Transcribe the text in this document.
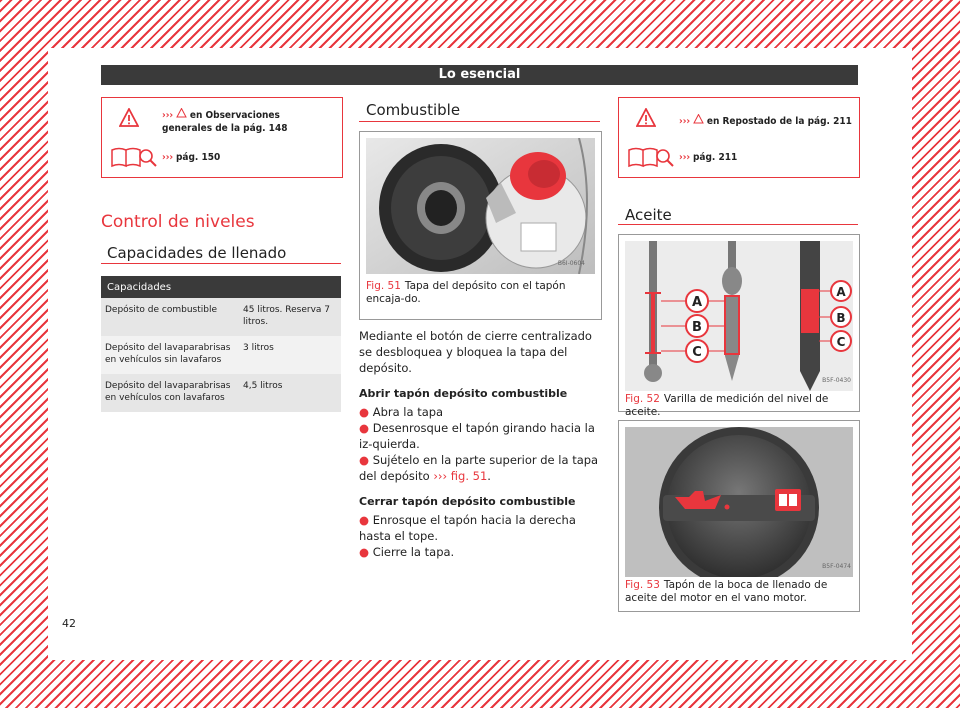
Lo esencial
››› en Observaciones generales de la pág. 148
››› pág. 150
Control de niveles
Capacidades de llenado
Capacidades	
Depósito de combustible	45 litros. Reserva 7 litros.
Depósito del lavaparabrisas en vehículos sin lavafaros	3 litros
Depósito del lavaparabrisas en vehículos con lavafaros	4,5 litros
Combustible
B6I-0604
Fig. 51 Tapa del depósito con el tapón encaja-do.

Mediante el botón de cierre centralizado se desbloquea y bloquea la tapa del depósito.

Abrir tapón depósito combustible

● Abra la tapa

● Desenrosque el tapón girando hacia la iz-quierda.

● Sujételo en la parte superior de la tapa del depósito ››› fig. 51.

Cerrar tapón depósito combustible

● Enrosque el tapón hacia la derecha hasta el tope.

● Cierre la tapa.

››› en Repostado de la pág. 211
››› pág. 211
Aceite
A
B
C
A
B
C
B5F-0430
Fig. 52 Varilla de medición del nivel de aceite.
B5F-0474
Fig. 53 Tapón de la boca de llenado de aceite del motor en el vano motor.
42
